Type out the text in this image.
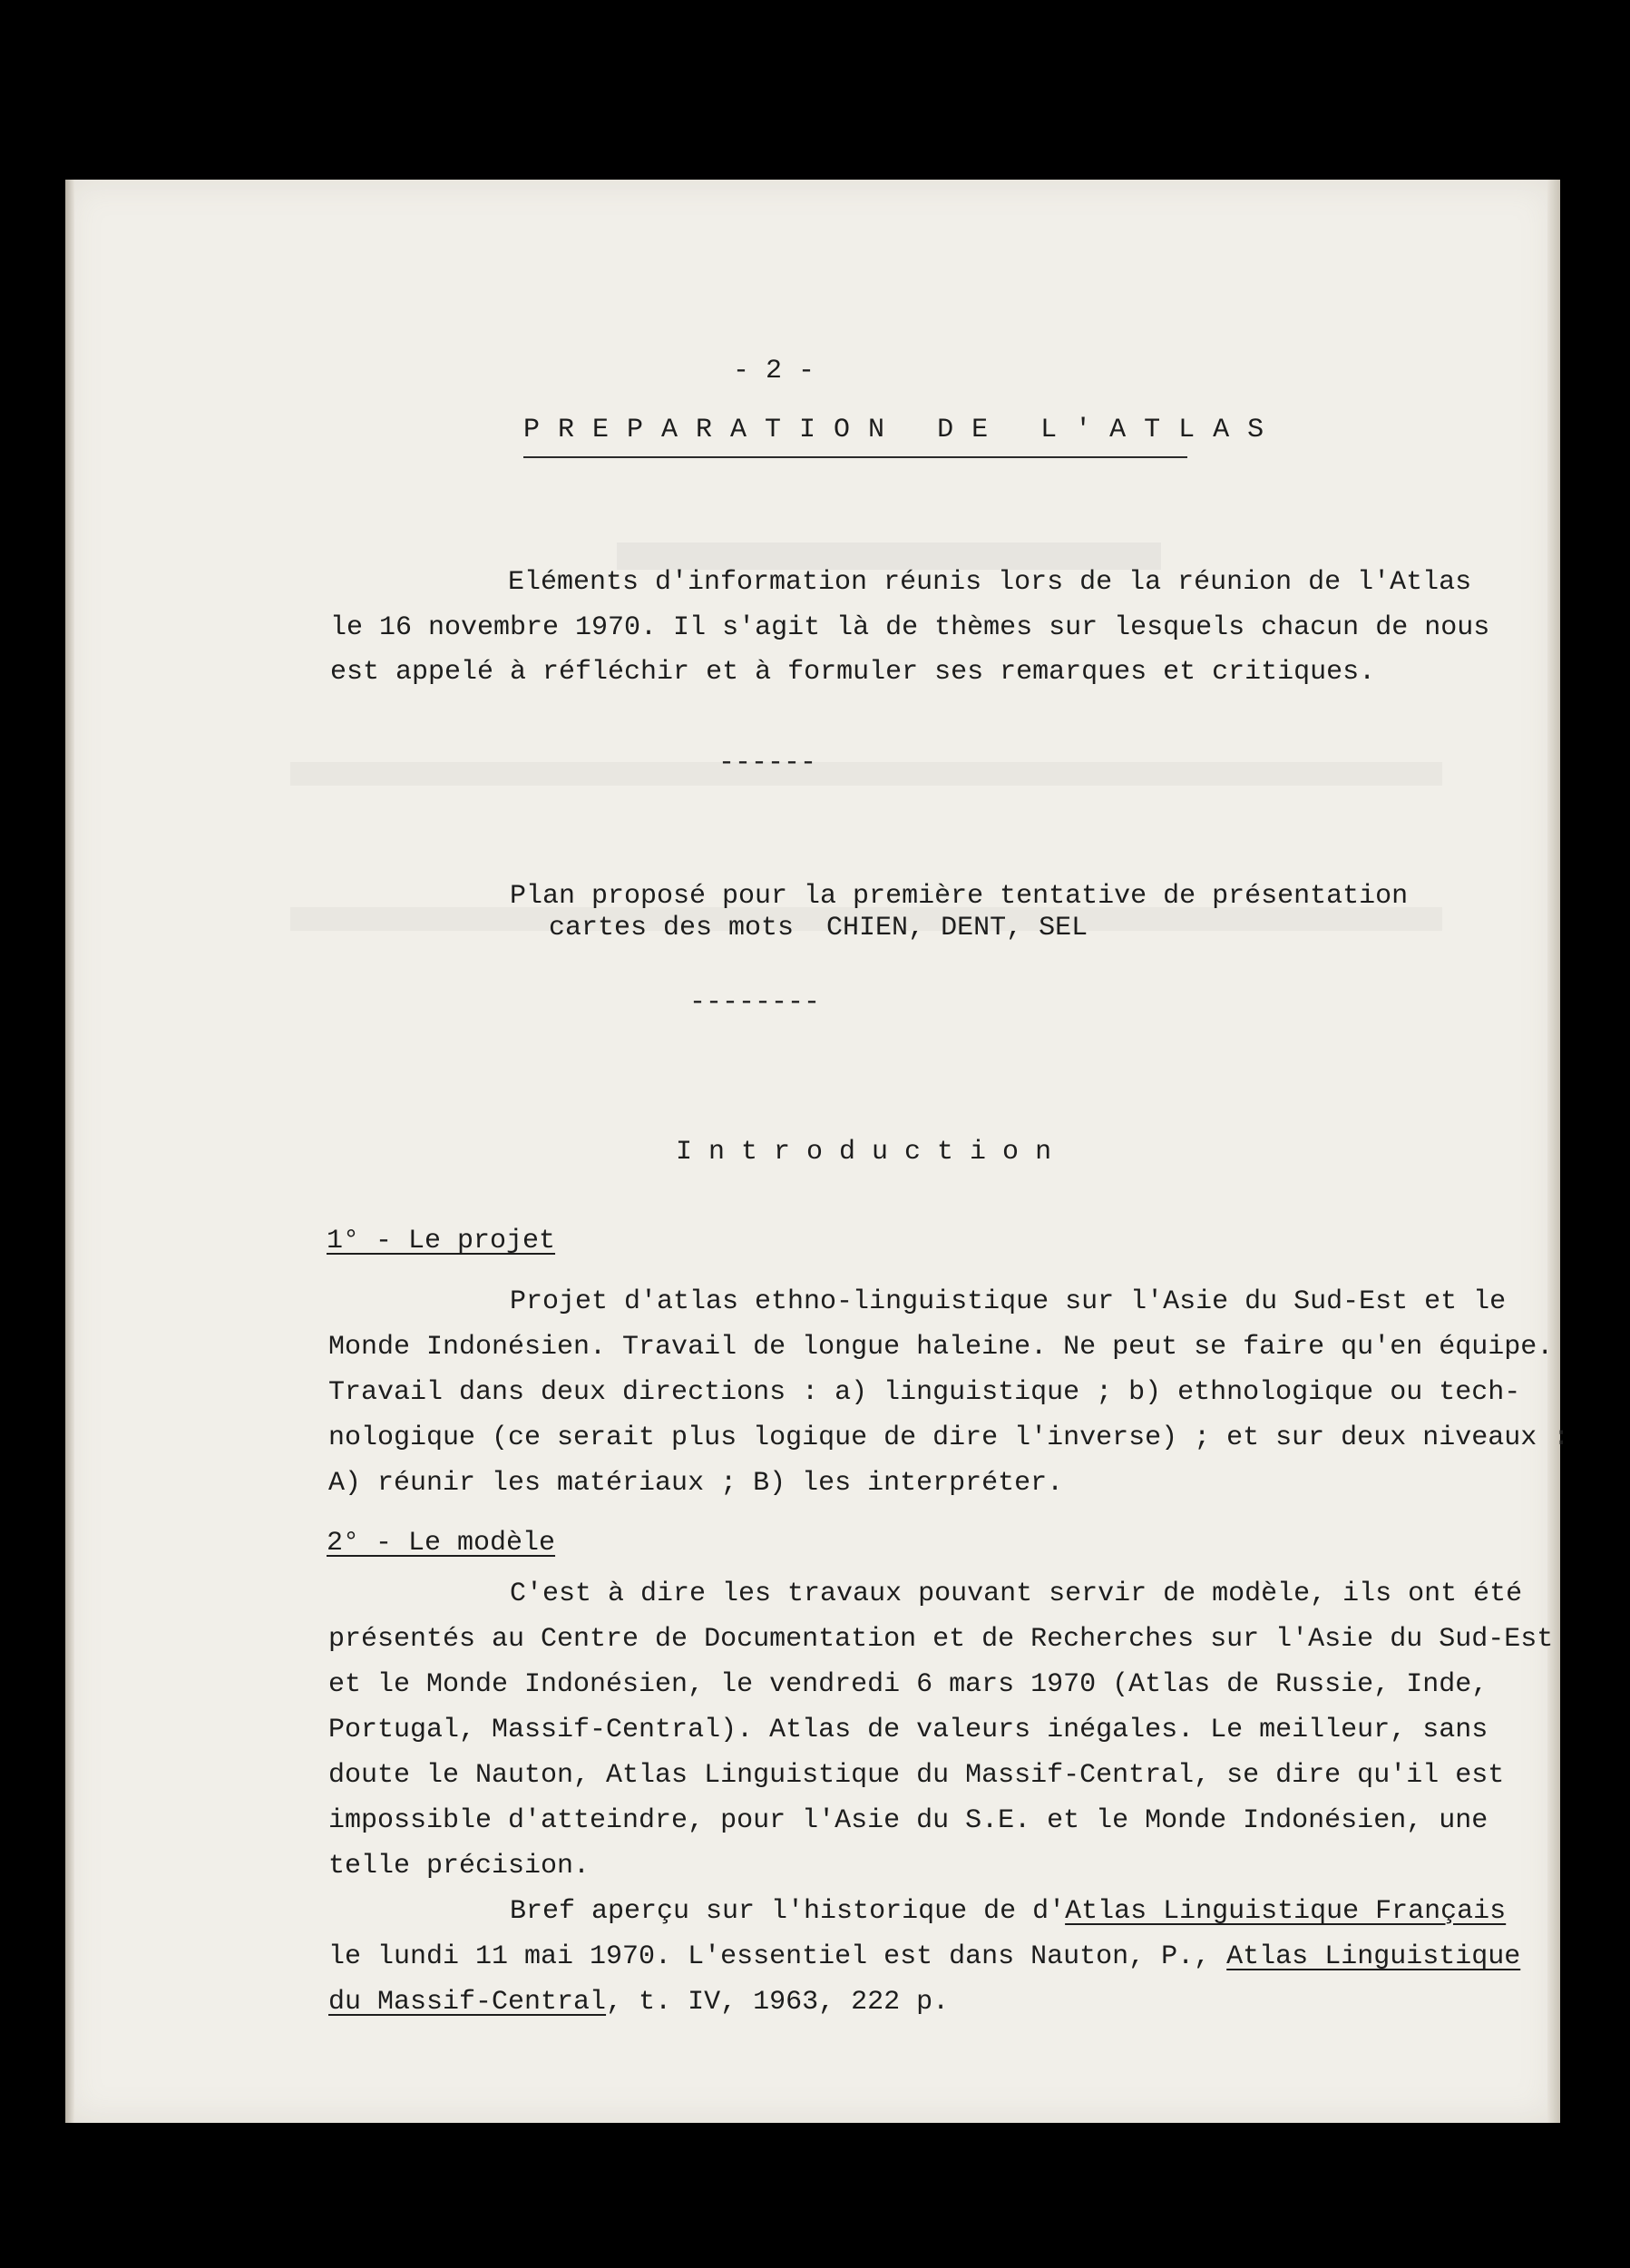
- 2 -
P R E P A R A T I O N   D E   L ' A T L A S
Eléments d'information réunis lors de la réunion de l'Atlas
le 16 novembre 1970. Il s'agit là de thèmes sur lesquels chacun de nous
est appelé à réfléchir et à formuler ses remarques et critiques.
------
Plan proposé pour la première tentative de présentation
cartes des mots  CHIEN, DENT, SEL
--------
I n t r o d u c t i o n
1° - Le projet
Projet d'atlas ethno-linguistique sur l'Asie du Sud-Est et le
Monde Indonésien. Travail de longue haleine. Ne peut se faire qu'en équipe.
Travail dans deux directions : a) linguistique ; b) ethnologique ou tech-
nologique (ce serait plus logique de dire l'inverse) ; et sur deux niveaux :
A) réunir les matériaux ; B) les interpréter.
2° - Le modèle
C'est à dire les travaux pouvant servir de modèle, ils ont été
présentés au Centre de Documentation et de Recherches sur l'Asie du Sud-Est
et le Monde Indonésien, le vendredi 6 mars 1970 (Atlas de Russie, Inde,
Portugal, Massif-Central). Atlas de valeurs inégales. Le meilleur, sans
doute le Nauton, Atlas Linguistique du Massif-Central, se dire qu'il est
impossible d'atteindre, pour l'Asie du S.E. et le Monde Indonésien, une
telle précision.
Bref aperçu sur l'historique de d'Atlas Linguistique Français
le lundi 11 mai 1970. L'essentiel est dans Nauton, P., Atlas Linguistique
du Massif-Central, t. IV, 1963, 222 p.
